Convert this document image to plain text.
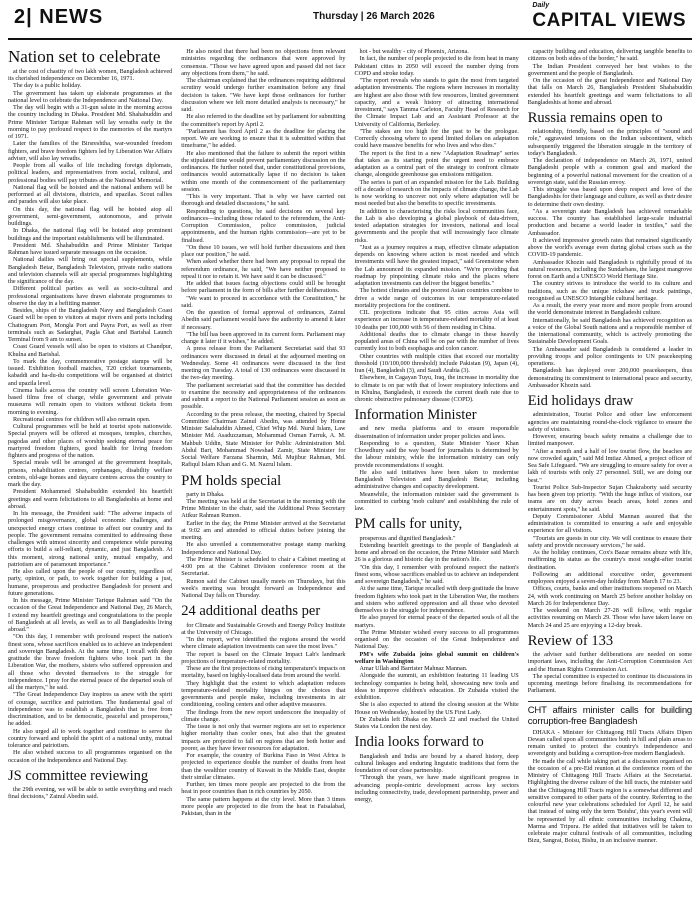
2| NEWS	Thursday | 26 March 2026
Daily
CAPITAL VIEWS
Nation set to celebrate

at the cost of chastity of two lakh women, Bangladesh achieved its cherished independence on December 16, 1971.

The day is a public holiday.

The government has taken up elaborate programmes at the national level to celebrate the Independence and National Day.

The day will begin with a 31-gun salute in the morning across the country including in Dhaka. President Md. Shahabuddin and Prime Minister Tarique Rahman will lay wreaths early in the morning to pay profound respect to the memories of the martyrs of 1971.

Later the families of the Birsreshtha, war-wounded freedom fighters, and brave freedom fighters led by Liberation War Affairs adviser, will also lay wreaths.

People from all walks of life including foreign diplomats, political leaders, and representatives from social, cultural, and professional bodies will pay tributes at the National Memorial.

National flag will be hoisted and the national anthem will be performed at all divisions, districts, and upazilas. Scout rallies and parades will also take place.

On this day, the national flag will be hoisted atop all government, semi-government, autonomous, and private buildings.

In Dhaka, the national flag will be hoisted atop prominent buildings and the important establishments will be illuminated.

President Md. Shahabuddin and Prime Minister Tarique Rahman have issued separate messages on the occasion.

National dailies will bring out special supplements, while Bangladesh Betar, Bangladesh Television, private radio stations and television channels will air special programmes highlighting the significance of the day.

Different political parties as well as socio-cultural and professional organisations have drawn elaborate programmes to observe the day in a befitting manner.

Besides, ships of the Bangladesh Navy and Bangladesh Coast Guard will be open to visitors at major rivers and ports including Chattogram Port, Mongla Port and Payra Port, as well as river terminals such as Sadarghat, Pagla Ghat and Barishal Launch Terminal from 9 am to sunset.

Coast Guard vessels will also be open to visitors at Chandpur, Khulna and Barishal.

To mark the day, commemorative postage stamps will be issued. Exhibition football matches, T20 cricket tournaments, kabaddi and ha-du-du competitions will be organised at district and upazila level.

Cinema halls across the country will screen Liberation War-based films free of charge, while government and private museums will remain open to visitors without tickets from morning to evening.

Recreational centres for children will also remain open.

Cultural programmes will be held at tourist spots nationwide. Special prayers will be offered at mosques, temples, churches, pagodas and other places of worship seeking eternal peace for martyred freedom fighters, good health for living freedom fighters and progress of the nation.

Special meals will be arranged at the government hospitals, prisons, rehabilitation centres, orphanages, disability welfare centres, old-age homes and daycare centres across the country to mark the day.

President Mohammed Shahabuddin extended his heartfelt greetings and warm felicitations to all Bangladeshis at home and abroad.

In his message, the President said: "The adverse impacts of prolonged misgovernance, global economic challenges, and unexpected energy crises continue to affect our country and its people. The government remains committed to addressing these challenges with utmost sincerity and competence while pursuing efforts to build a self-reliant, dynamic, and just Bangladesh. At this moment, strong national unity, mutual empathy, and patriotism are of paramount importance."

He also called upon the people of our country, regardless of party, opinion, or path, to work together for building a just, humane, prosperous and productive Bangladesh for present and future generations.

In his message, Prime Minister Tarique Rahman said "On the occasion of the Great Independence and National Day, 26 March, I extend my heartfelt greetings and congratulations to the people of Bangladesh at all levels, as well as to all Bangladeshis living abroad."

"On this day, I remember with profound respect the nation's finest sons, whose sacrifices enabled us to achieve an independent and sovereign Bangladesh. At the same time, I recall with deep gratitude the brave freedom fighters who took part in the Liberation War, the mothers, sisters who suffered oppression and all those who devoted themselves to the struggle for independence. I pray for the eternal peace of the departed souls of all the martyrs," he said.

"The Great Independence Day inspires us anew with the spirit of courage, sacrifice and patriotism. The fundamental goal of independence was to establish a Bangladesh that is free from discrimination, and to be democratic, peaceful and prosperous," he added.

He also urged all to work together and continue to serve the country forward and uphold the spirit of a national unity, mutual tolerance and patriotism.

He also wished success to all programmes organised on the occasion of the Independence and National Day.

JS committee reviewing

the 29th evening, we will be able to settle everything and reach final decisions," Zainul Abedin said.

He also noted that there had been no objections from relevant ministries regarding the ordinances that were approved by consensus. "Those we have agreed upon and passed did not face any objections from them," he said.

The chairman explained that the ordinances requiring additional scrutiny would undergo further examination before any final decision is taken. "We have kept those ordinances for further discussion where we felt more detailed analysis is necessary," he said.

He also referred to the deadline set by parliament for submitting the committee's report by April 2.

"Parliament has fixed April 2 as the deadline for placing the report. We are working to ensure that it is submitted within that timeframe," he added.

He also mentioned that the failure to submit the report within the stipulated time would prevent parliamentary discussion on the ordinances. He further noted that, under constitutional provisions, ordinances would automatically lapse if no decision is taken within one month of the commencement of the parliamentary session.

"This is very important. That is why we have carried out thorough and detailed discussions," he said.

Responding to questions, he said decisions on several key ordinances—including those related to the referendum, the Anti-Corruption Commission, police commission, judicial appointments, and the human rights commission—are yet to be finalised.

"On these 10 issues, we will hold further discussions and then place our position," he said.

When asked whether there had been any proposal to repeal the referendum ordinance, he said, "We have neither proposed to repeal it nor to retain it. We have said it can be discussed."

He added that issues facing objections could still be brought before parliament in the form of bills after further deliberations.

"We want to proceed in accordance with the Constitution," he said.

On the question of formal approval of ordinances, Zainul Abedin said parliament would have the authority to amend it later if necessary.

"The bill has been approved in its current form. Parliament may change it later if it wishes," he added.

A press release from the Parliament Secretariat said that 93 ordinances were discussed in detail at the adjourned meeting on Wednesday. Some 41 ordinances were discussed in the first meeting on Tuesday. A total of 130 ordinances were discussed in the two-day meeting.

The parliament secretariat said that the committee has decided to examine the necessity and appropriateness of the ordinances and submit a report to the National Parliament session as soon as possible.

According to the press release, the meeting, chaired by Special Committee Chairman Zainul Abedin, was attended by Home Minister Salahuddin Ahmed, Chief Whip Md. Nurul Islam, Law Minister Md. Asaduzzaman, Mohammad Osman Farruk, A. M. Mahbub Uddin, State Minister for Public Administration Md. Abdul Bari, Mohammad Nowshad Zamir, State Minister for Social Welfare Farzana Sharmin, Md. Mujibur Rahman, Md. Rafiqul Islam Khan and G. M. Nazrul Islam.

PM holds special

party in Dhaka.

The meeting was held at the Secretariat in the morning with the Prime Minister in the chair, said the Additional Press Secretary Atikur Rahman Rumon.

Earlier in the day, the Prime Minister arrived at the Secretariat at 9:02 am and attended to official duties before joining the meeting.

He also unveiled a commemorative postage stamp marking Independence and National Day.

The Prime Minister is scheduled to chair a Cabinet meeting at 4:00 pm at the Cabinet Division conference room at the Secretariat.

Rumon said the Cabinet usually meets on Thursdays, but this week's meeting was brought forward as Independence and National Day falls on Thursday.

24 additional deaths per

for Climate and Sustainable Growth and Energy Policy Institute at the University of Chicago.

"In the report, we've identified the regions around the world where climate adaptation investments can save the most lives."

The report is based on the Climate Impact Lab's landmark projections of temperature-related mortality.

These are the first projections of rising temperature's impacts on mortality, based on highly-localised data from around the world.

They highlight that the extent to which adaptation reduces temperature-related mortality hinges on the choices that governments and people make, including investments in air conditioning, cooling centers and other adaptive measures.

The findings from the new report underscore the inequality of climate change.

The issue is not only that warmer regions are set to experience higher mortality than cooler ones, but also that the greatest impacts are projected to fall on regions that are both hotter and poorer, as they have fewer resources for adaptation.

For example, the country of Burkina Faso in West Africa is projected to experience double the number of deaths from heat than the wealthier country of Kuwait in the Middle East, despite their similar climates.

Further, ten times more people are projected to die from the heat in poor countries than in rich countries by 2050.

The same pattern happens at the city level. More than 3 times more people are projected to die from the heat in Faisalabad, Pakistan, than in the

hot - but wealthy - city of Phoenix, Arizona.

In fact, the number of people projected to die from heat in many Pakistani cities in 2050 will exceed the number dying from COPD and stroke today.

"The report reveals who stands to gain the most from targeted adaptation investments. The regions where increases in mortality are highest are also those with few resources, limited government capacity, and a weak history of attracting international investment," says Tamma Carleton, Faculty Head of Research for the Climate Impact Lab and an Assistant Professor at the University of California, Berkeley.

"The stakes are too high for the past to be the prologue. Correctly choosing where to spend limited dollars on adaptation could have massive benefits for who lives and who dies."

The report is the first in a new "Adaptation Roadmap" series that takes as its starting point the urgent need to embrace adaptation as a central part of the strategy to confront climate change, alongside greenhouse gas emissions mitigation.

The series is part of an expanded mission for the Lab. Building off a decade of research on the impacts of climate change, the Lab is now working to uncover not only where adaptation will be most needed but also the benefits to specific investments.

In addition to characterising the risks local communities face, the Lab is also developing a global playbook of data-driven, tested adaptation strategies for investors, national and local governments and the people that will increasingly face climate risks.

"Just as a journey requires a map, effective climate adaptation depends on knowing where action is most needed and which investments will have the greatest impact," said Greenstone when the Lab announced its expanded mission. "We're providing that roadmap by pinpointing climate risks and the places where adaptation investments can deliver the biggest benefits."

The hottest climates and the poorest Asian countries combine to drive a wide range of outcomes in our temperature-related mortality projections for the continent.

CIL projections indicate that 95 cities across Asia will experience an increase in temperature-related mortality of at least 10 deaths per 100,000 with 56 of them residing in China.

Additional deaths due to climate change in these heavily populated areas of China will be on par with the number of lives currently lost to both esophagus and colon cancer.

Other countries with multiple cities that exceed our mortality threshold (10/100,000 threshold) include Pakistan (9), Japan (4), Iran (4), Bangladesh (3), and Saudi Arabia (3).

Elsewhere, in Cagayan Tuyu, Iraq, the increase in mortality due to climate is on par with that of lower respiratory infections and in Khulna, Bangladesh, it exceeds the current death rate due to chronic obstructive pulmonary disease (COPD).

Information Minister

and new media platforms and to ensure responsible dissemination of information under proper policies and laws.

Responding to a question, State Minister Yasor Khan Chowdhury said the way board for journalists is determined by the labour ministry, while the information ministry can only provide recommendations if sought.

He also said initiatives have been taken to modernise Bangladesh Television and Bangladesh Betar, including administrative changes and capacity development.

Meanwhile, the information minister said the government is committed to curbing 'mob culture' and establishing the rule of law.

PM calls for unity,

prosperous and dignified Bangladesh."

Extending heartfelt greetings to the people of Bangladesh at home and abroad on the occasion, the Prime Minister said March 26 is a glorious and historic day in the nation's life.

"On this day, I remember with profound respect the nation's finest sons, whose sacrifices enabled us to achieve an independent and sovereign Bangladesh," he said.

At the same time, Tarique recalled with deep gratitude the brave freedom fighters who took part in the Liberation War, the mothers and sisters who suffered oppression and all those who devoted themselves to the struggle for independence.

He also prayed for eternal peace of the departed souls of all the martyrs.

The Prime Minister wished every success to all programmes organised on the occasion of the Great Independence and National Day.

PM's wife Zubaida joins global summit on children's welfare in Washington

Amar Ullah and Barrister Mahnaz Mannan.

Alongside the summit, an exhibition featuring 11 leading US technology companies is being held, showcasing new tools and ideas to improve children's education. Dr Zubaida visited the exhibition.

She is also expected to attend the closing session at the White House on Wednesday, hosted by the US First Lady.

Dr Zubaida left Dhaka on March 22 and reached the United States via London the next day.

India looks forward to

Bangladesh and India are bound by a shared history, deep cultural linkages and enduring linguistic traditions that form the foundation of our close partnership.

"Through the years, we have made significant progress in advancing people-centric development across key sectors including connectivity, trade, development partnership, power and energy,

capacity building and education, delivering tangible benefits to citizens on both sides of the border," he said.

The Indian President conveyed her best wishes to the government and the people of Bangladesh.

On the occasion of the great Independence and National Day that falls on March 26, Bangladesh President Shahabuddin extended his heartfelt greetings and warm felicitations to all Bangladeshis at home and abroad.

Russia remains open to

relationship, friendly, based on the principles of "sound and role," aggravated tensions on the Indian subcontinent, which subsequently triggered the liberation struggle in the territory of today's Bangladesh.

The declaration of independence on March 26, 1971, united Bangladeshi people with a common goal and marked the beginning of a powerful national movement for the creation of a sovereign state, said the Russian envoy.

This struggle was based upon deep respect and love of the Bangladeshis for their language and culture, as well as their desire to determine their own destiny.

"As a sovereign state Bangladesh has achieved remarkable success. The country has established large-scale industrial production and became a world leader in textiles," said the Ambassador.

It achieved impressive growth rates that remained significantly above the world's average even during global crises such as the COVID-19 pandemic.

Ambassador Khozin said Bangladesh is rightfully proud of its natural resources, including the Sundarbans, the largest mangrove forest on Earth and a UNESCO World Heritage Site.

The country strives to introduce the world to its culture and traditions, such as the unique rickshaw and truck paintings, recognised as UNESCO Intangible cultural heritage.

As a result, the every year more and more people from around the world demonstrate interest in Bangladeshi culture.

Internationally, he said Bangladesh has achieved recognition as a voice of the Global South nations and a responsible member of the international community, which is actively promoting the Sustainable Development Goals.

The Ambassador said Bangladesh is considered a leader in providing troops and police contingents to UN peacekeeping operations.

Bangladesh has deployed over 200,000 peacekeepers, thus demonstrating its commitment to international peace and security, Ambassador Khozin said.

Eid holidays draw

administration, Tourist Police and other law enforcement agencies are maintaining round-the-clock vigilance to ensure the safety of visitors.

However, ensuring beach safety remains a challenge due to limited manpower.

"After a month and a half of low tourist flow, the beaches are now crowded again," said Md Imtiaz Ahmed, a project officer of Sea Safe Lifeguard. "We are struggling to ensure safety for over a lakh of tourists with only 27 personnel. Still, we are doing our best."

Tourist Police Sub-Inspector Sujan Chakraborty said security has been given top priority. "With the huge influx of visitors, our teams are on duty across beach areas, hotel zones and entertainment spots," he said.

Deputy Commissioner Abdul Mannan assured that the administration is committed to ensuring a safe and enjoyable experience for all visitors.

"Tourists are guests in our city. We will continue to ensure their safety and provide necessary services," he said.

As the holiday continues, Cox's Bazar remains abuzz with life, reaffirming its status as the country's most sought-after tourist destination.

Following an additional executive order, government employees enjoyed a seven-day holiday from March 17 to 23.

Offices, courts, banks and other institutions reopened on March 24, with work continuing on March 25 before another holiday on March 26 for Independence Day.

The weekend on March 27-28 will follow, with regular activities resuming on March 29. Those who have taken leave on March 24 and 25 are enjoying a 12-day break.

Review of 133

the adviser said further deliberations are needed on some important laws, including the Anti-Corruption Commission Act and the Human Rights Commission Act.

The special committee is expected to continue its discussions in upcoming meetings before finalising its recommendations for Parliament.

CHT affairs minister calls for building corruption-free Bangladesh

DHAKA - Minister for Chittagong Hill Tracts Affairs Dipen Dewan called upon all communities both in hill and plain areas to remain united to protect the country's independence and sovereignty and building a corruption-free modern Bangladesh.

He made the call while taking part at a discussion organised on the occasion of a pre-Eid reunion at the conference room of the Ministry of Chittagong Hill Tracts Affairs at the Secretariat. Highlighting the diverse culture of the hill tracts, the minister said that the Chittagong Hill Tracts region is a somewhat different and sensitive compared to other parts of the country. Referring to the colourful new year celebrations scheduled for April 12, he said that instead of using only the term 'Boishu', this year's event will be represented by all ethnic communities including Chakma, Marma and Tripura. He added that initiatives will be taken to celebrate major cultural festivals of all communities, including Bizu, Sangrai, Boisu, Bishu, in an inclusive manner.
